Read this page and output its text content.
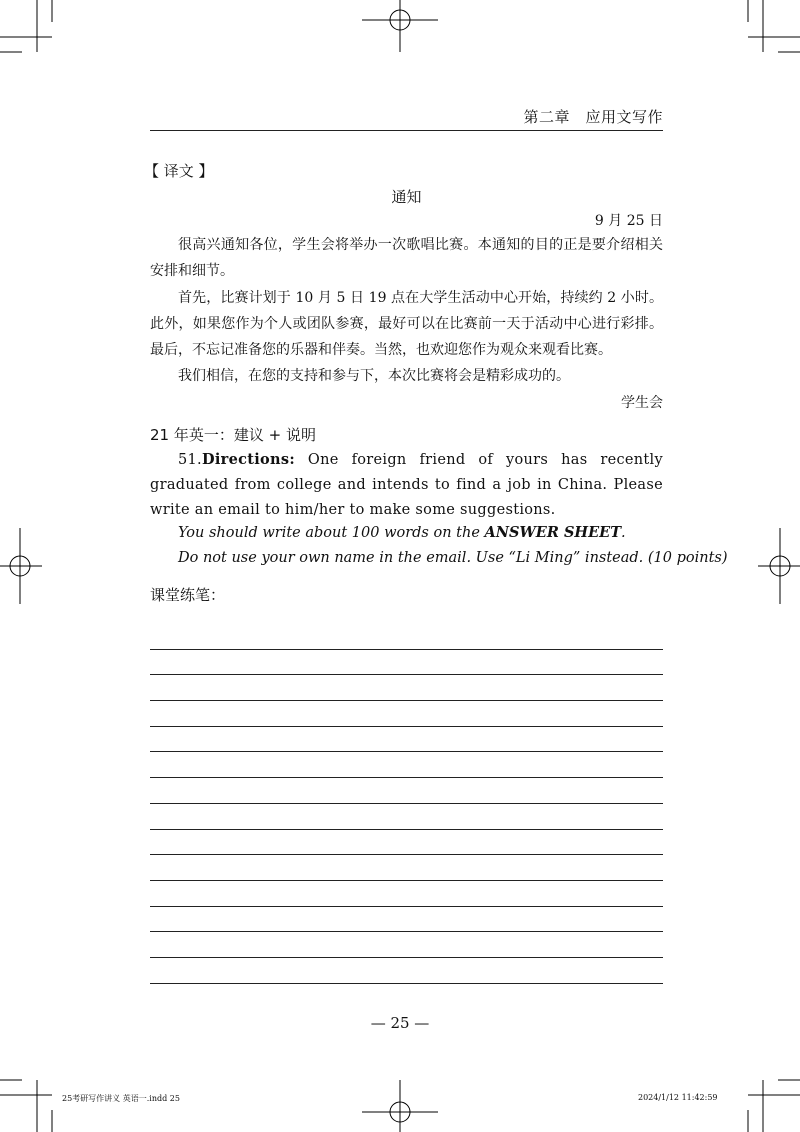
第二章　应用文写作
【 译文 】
通知
9 月 25 日

很高兴通知各位，学生会将举办一次歌唱比赛。本通知的目的正是要介绍相关安排和细节。

首先，比赛计划于 10 月 5 日 19 点在大学生活动中心开始，持续约 2 小时。此外，如果您作为个人或团队参赛，最好可以在比赛前一天于活动中心进行彩排。最后，不忘记准备您的乐器和伴奏。当然，也欢迎您作为观众来观看比赛。

我们相信，在您的支持和参与下，本次比赛将会是精彩成功的。

学生会
21 年英一：建议 + 说明

51.Directions: One foreign friend of yours has recently graduated from college and intends to find a job in China. Please write an email to him/her to make some suggestions.

You should write about 100 words on the ANSWER SHEET.
Do not use your own name in the email. Use “Li Ming” instead. (10 points)
课堂练笔：
— 25 —
25考研写作讲义 英语一.indd 25	2024/1/12 11:42:59
